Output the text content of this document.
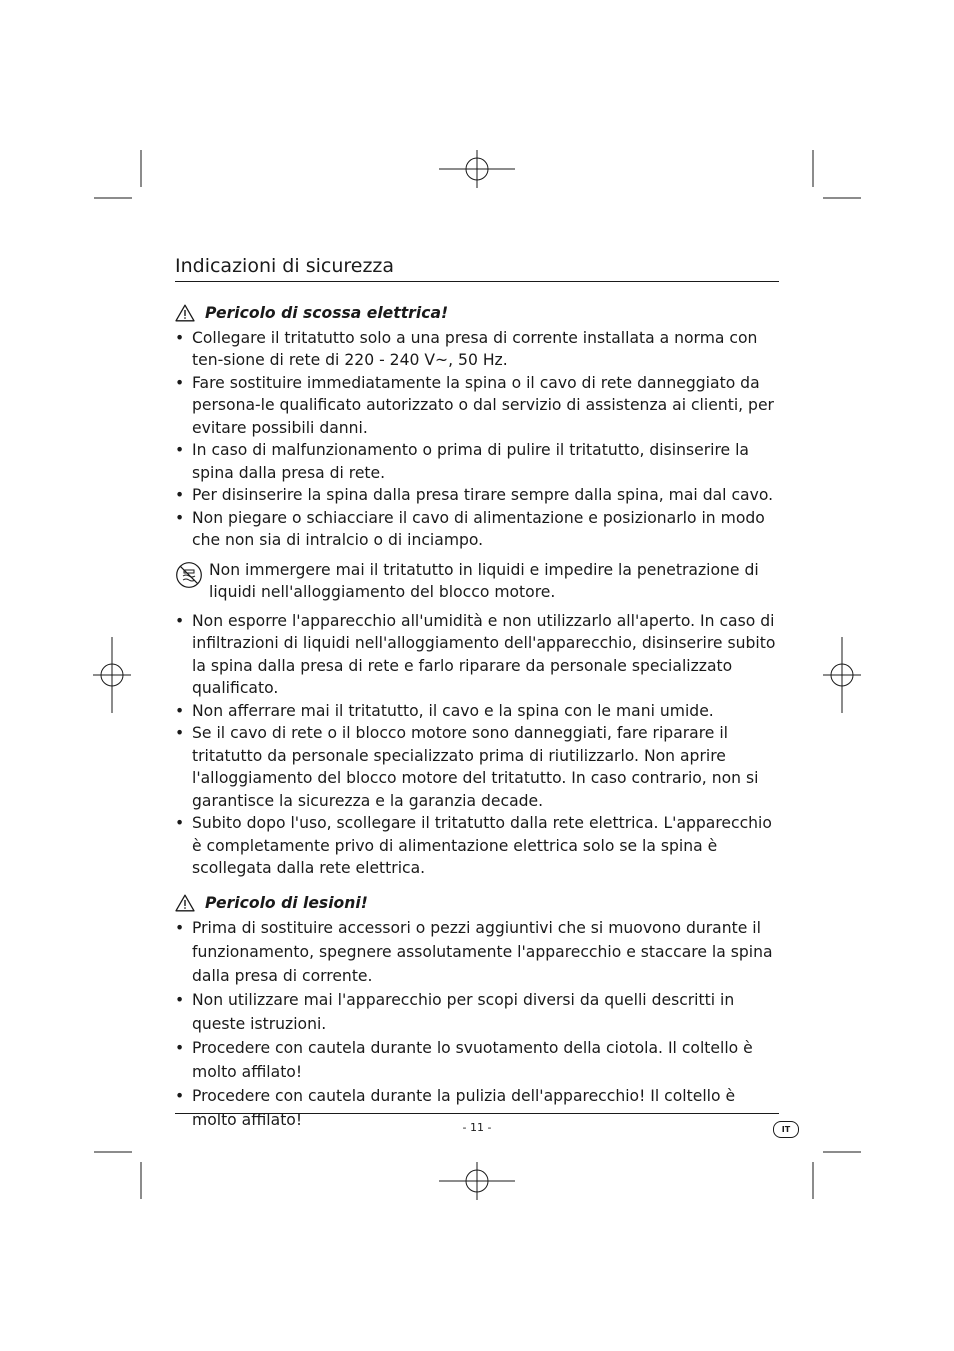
Indicazioni di sicurezza
Pericolo di scossa elettrica!
• Collegare il tritatutto solo a una presa di corrente installata a norma con ten-sione di rete di 220 - 240 V~, 50 Hz.
• Fare sostituire immediatamente la spina o il cavo di rete danneggiato da persona-le qualificato autorizzato o dal servizio di assistenza ai clienti, per evitare possibili danni.
• In caso di malfunzionamento o prima di pulire il tritatutto, disinserire la spina dalla presa di rete.
• Per disinserire la spina dalla presa tirare sempre dalla spina, mai dal cavo.
• Non piegare o schiacciare il cavo di alimentazione e posizionarlo in modo che non sia di intralcio o di inciampo.
Non immergere mai il tritatutto in liquidi e impedire la penetrazione di liquidi nell'alloggiamento del blocco motore.
• Non esporre l'apparecchio all'umidità e non utilizzarlo all'aperto. In caso di infiltrazioni di liquidi nell'alloggiamento dell'apparecchio, disinserire subito la spina dalla presa di rete e farlo riparare da personale specializzato qualificato.
• Non afferrare mai il tritatutto, il cavo e la spina con le mani umide.
• Se il cavo di rete o il blocco motore sono danneggiati, fare riparare il tritatutto da personale specializzato prima di riutilizzarlo. Non aprire l'alloggiamento del blocco motore del tritatutto. In caso contrario, non si garantisce la sicurezza e la garanzia decade.
• Subito dopo l'uso, scollegare il tritatutto dalla rete elettrica. L'apparecchio è completamente privo di alimentazione elettrica solo se la spina è scollegata dalla rete elettrica.
Pericolo di lesioni!
• Prima di sostituire accessori o pezzi aggiuntivi che si muovono durante il funzionamento, spegnere assolutamente l'apparecchio e staccare la spina dalla presa di corrente.
• Non utilizzare mai l'apparecchio per scopi diversi da quelli descritti in queste istruzioni.
• Procedere con cautela durante lo svuotamento della ciotola. Il coltello è molto affilato!
• Procedere con cautela durante la pulizia dell'apparecchio! Il coltello è molto affilato!	- 11 -	IT
